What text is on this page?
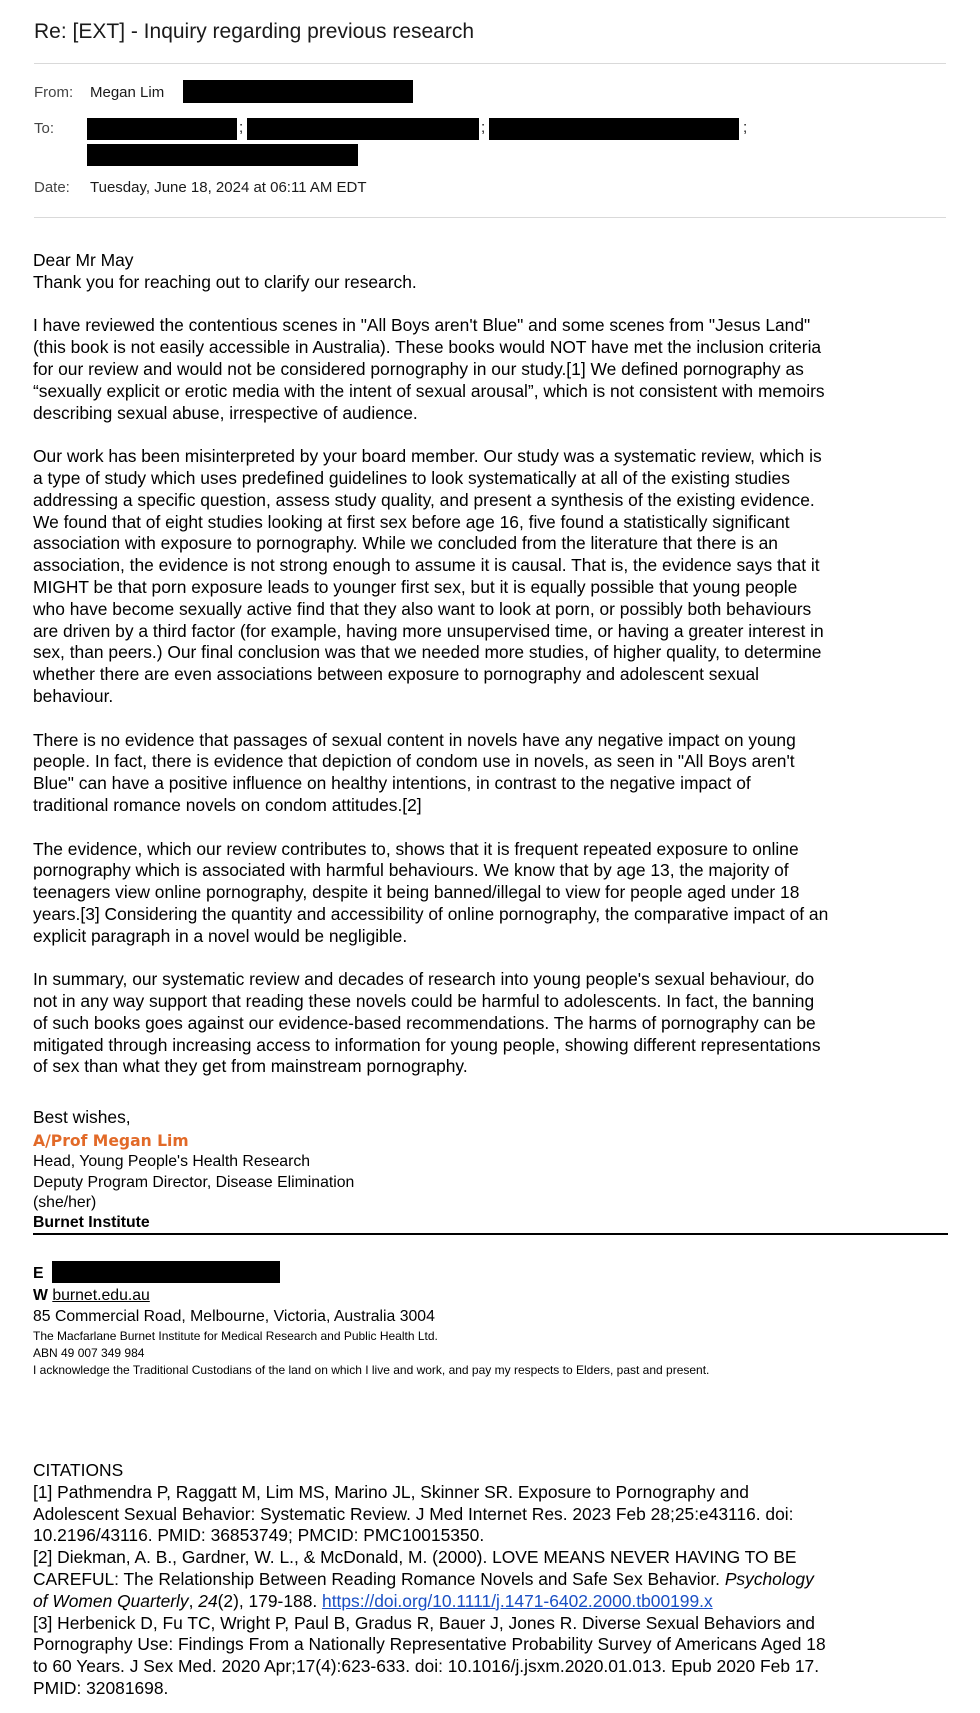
Re: [EXT] - Inquiry regarding previous research
From: Megan Lim
To:	;	;	;
Date: Tuesday, June 18, 2024 at 06:11 AM EDT

Dear Mr May

Thank you for reaching out to clarify our research.

I have reviewed the contentious scenes in "All Boys aren't Blue" and some scenes from "Jesus Land"
(this book is not easily accessible in Australia). These books would NOT have met the inclusion criteria
for our review and would not be considered pornography in our study.[1] We defined pornography as
“sexually explicit or erotic media with the intent of sexual arousal”, which is not consistent with memoirs
describing sexual abuse, irrespective of audience.

Our work has been misinterpreted by your board member. Our study was a systematic review, which is
a type of study which uses predefined guidelines to look systematically at all of the existing studies
addressing a specific question, assess study quality, and present a synthesis of the existing evidence.
We found that of eight studies looking at first sex before age 16, five found a statistically significant
association with exposure to pornography. While we concluded from the literature that there is an
association, the evidence is not strong enough to assume it is causal. That is, the evidence says that it
MIGHT be that porn exposure leads to younger first sex, but it is equally possible that young people
who have become sexually active find that they also want to look at porn, or possibly both behaviours
are driven by a third factor (for example, having more unsupervised time, or having a greater interest in
sex, than peers.) Our final conclusion was that we needed more studies, of higher quality, to determine
whether there are even associations between exposure to pornography and adolescent sexual
behaviour.

There is no evidence that passages of sexual content in novels have any negative impact on young
people. In fact, there is evidence that depiction of condom use in novels, as seen in "All Boys aren't
Blue" can have a positive influence on healthy intentions, in contrast to the negative impact of
traditional romance novels on condom attitudes.[2]

The evidence, which our review contributes to, shows that it is frequent repeated exposure to online
pornography which is associated with harmful behaviours. We know that by age 13, the majority of
teenagers view online pornography, despite it being banned/illegal to view for people aged under 18
years.[3] Considering the quantity and accessibility of online pornography, the comparative impact of an
explicit paragraph in a novel would be negligible.

In summary, our systematic review and decades of research into young people's sexual behaviour, do
not in any way support that reading these novels could be harmful to adolescents. In fact, the banning
of such books goes against our evidence-based recommendations. The harms of pornography can be
mitigated through increasing access to information for young people, showing different representations
of sex than what they get from mainstream pornography.

Best wishes,
A/Prof Megan Lim
Head, Young People's Health Research
Deputy Program Director, Disease Elimination
(she/her)
Burnet Institute
E
W burnet.edu.au
85 Commercial Road, Melbourne, Victoria, Australia 3004
The Macfarlane Burnet Institute for Medical Research and Public Health Ltd.
ABN 49 007 349 984
I acknowledge the Traditional Custodians of the land on which I live and work, and pay my respects to Elders, past and present.

CITATIONS

[1] Pathmendra P, Raggatt M, Lim MS, Marino JL, Skinner SR. Exposure to Pornography and
Adolescent Sexual Behavior: Systematic Review. J Med Internet Res. 2023 Feb 28;25:e43116. doi:
10.2196/43116. PMID: 36853749; PMCID: PMC10015350.

[2] Diekman, A. B., Gardner, W. L., & McDonald, M. (2000). LOVE MEANS NEVER HAVING TO BE
CAREFUL: The Relationship Between Reading Romance Novels and Safe Sex Behavior. Psychology
of Women Quarterly, 24(2), 179-188. https://doi.org/10.1111/j.1471-6402.2000.tb00199.x

[3] Herbenick D, Fu TC, Wright P, Paul B, Gradus R, Bauer J, Jones R. Diverse Sexual Behaviors and
Pornography Use: Findings From a Nationally Representative Probability Survey of Americans Aged 18
to 60 Years. J Sex Med. 2020 Apr;17(4):623-633. doi: 10.1016/j.jsxm.2020.01.013. Epub 2020 Feb 17.
PMID: 32081698.
